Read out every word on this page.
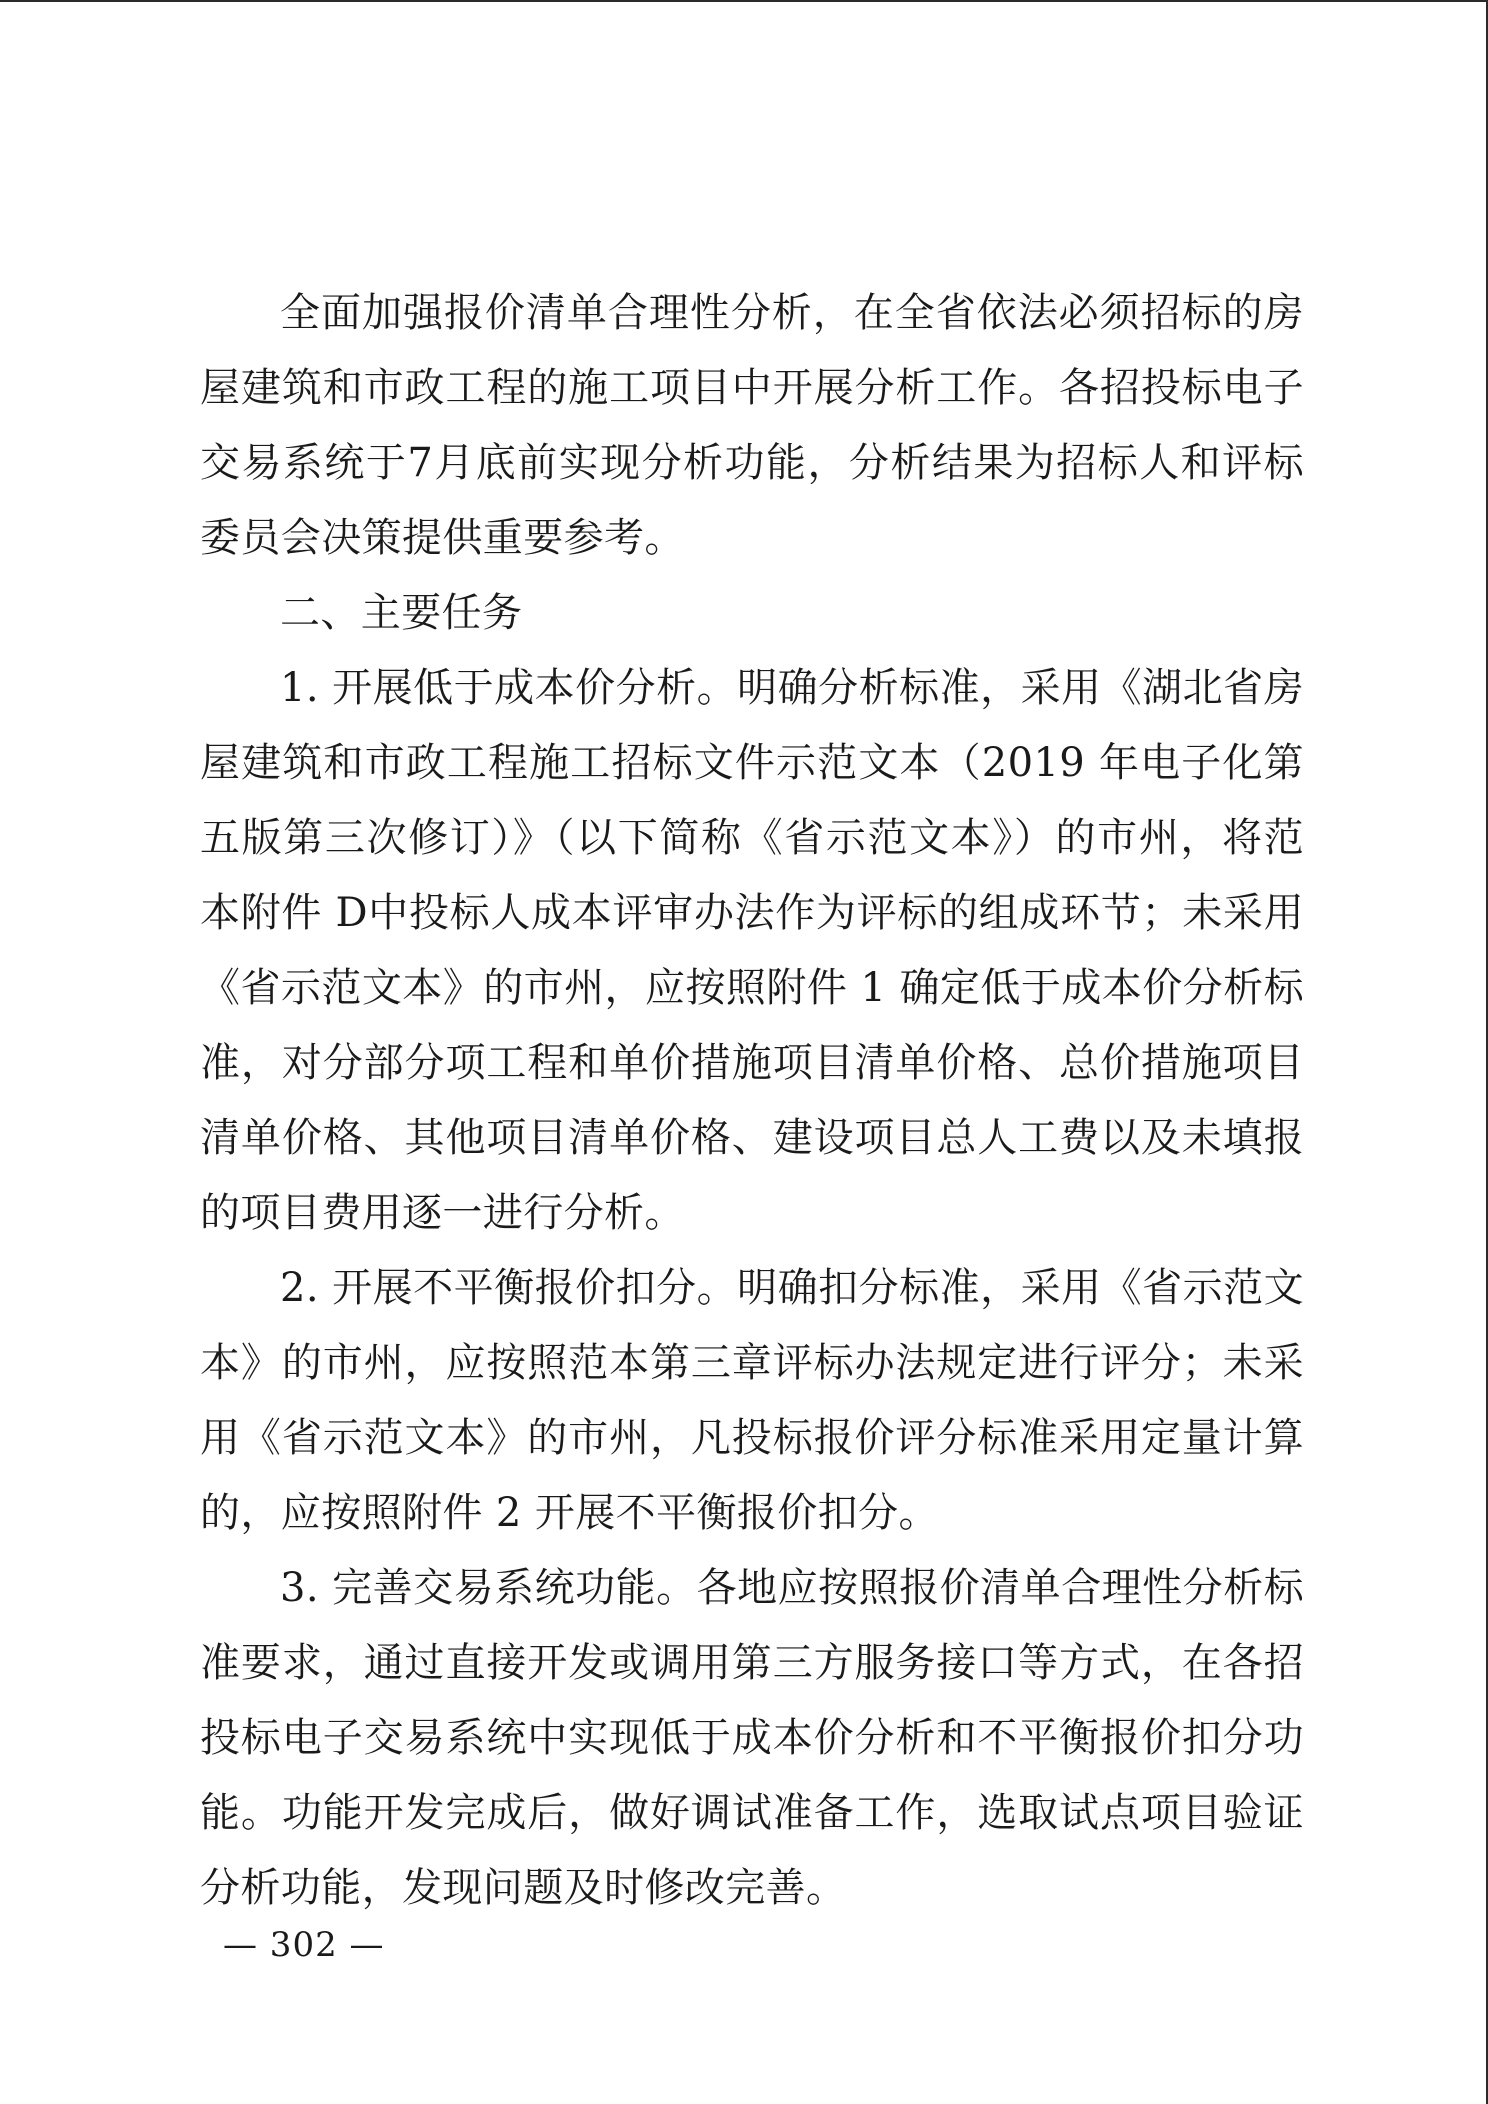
全面加强报价清单合理性分析，在全省依法必须招标的房屋建筑和市政工程的施工项目中开展分析工作。各招投标电子交易系统于7月底前实现分析功能，分析结果为招标人和评标委员会决策提供重要参考。

二、主要任务

1. 开展低于成本价分析。明确分析标准，采用《湖北省房屋建筑和市政工程施工招标文件示范文本（2019 年电子化第五版第三次修订）》（以下简称《省示范文本》）的市州，将范本附件 D中投标人成本评审办法作为评标的组成环节；未采用《省示范文本》的市州，应按照附件 1 确定低于成本价分析标准，对分部分项工程和单价措施项目清单价格、总价措施项目清单价格、其他项目清单价格、建设项目总人工费以及未填报的项目费用逐一进行分析。

2. 开展不平衡报价扣分。明确扣分标准，采用《省示范文本》的市州，应按照范本第三章评标办法规定进行评分；未采用《省示范文本》的市州，凡投标报价评分标准采用定量计算的，应按照附件 2 开展不平衡报价扣分。

3. 完善交易系统功能。各地应按照报价清单合理性分析标准要求，通过直接开发或调用第三方服务接口等方式，在各招投标电子交易系统中实现低于成本价分析和不平衡报价扣分功能。功能开发完成后，做好调试准备工作，选取试点项目验证分析功能，发现问题及时修改完善。

— 302 —
